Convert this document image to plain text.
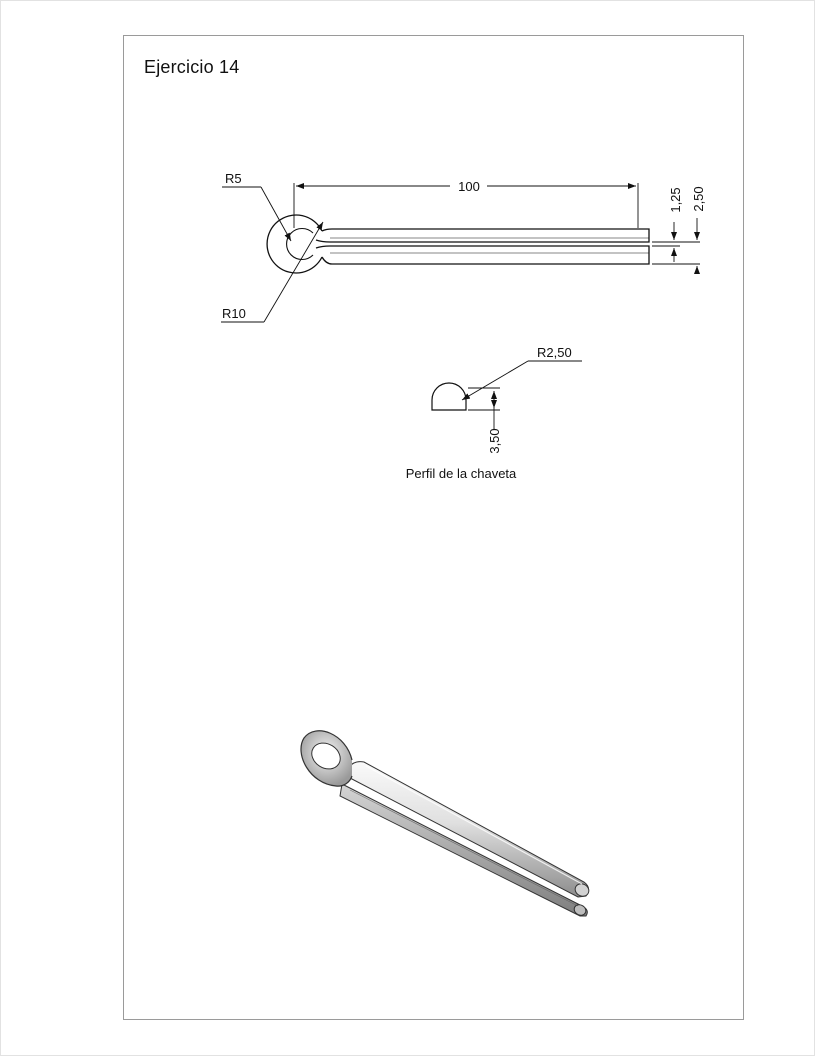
Ejercicio 14
100
R5
R10
1,25 2,50
R2,50
3,50
Perfil de la chaveta
